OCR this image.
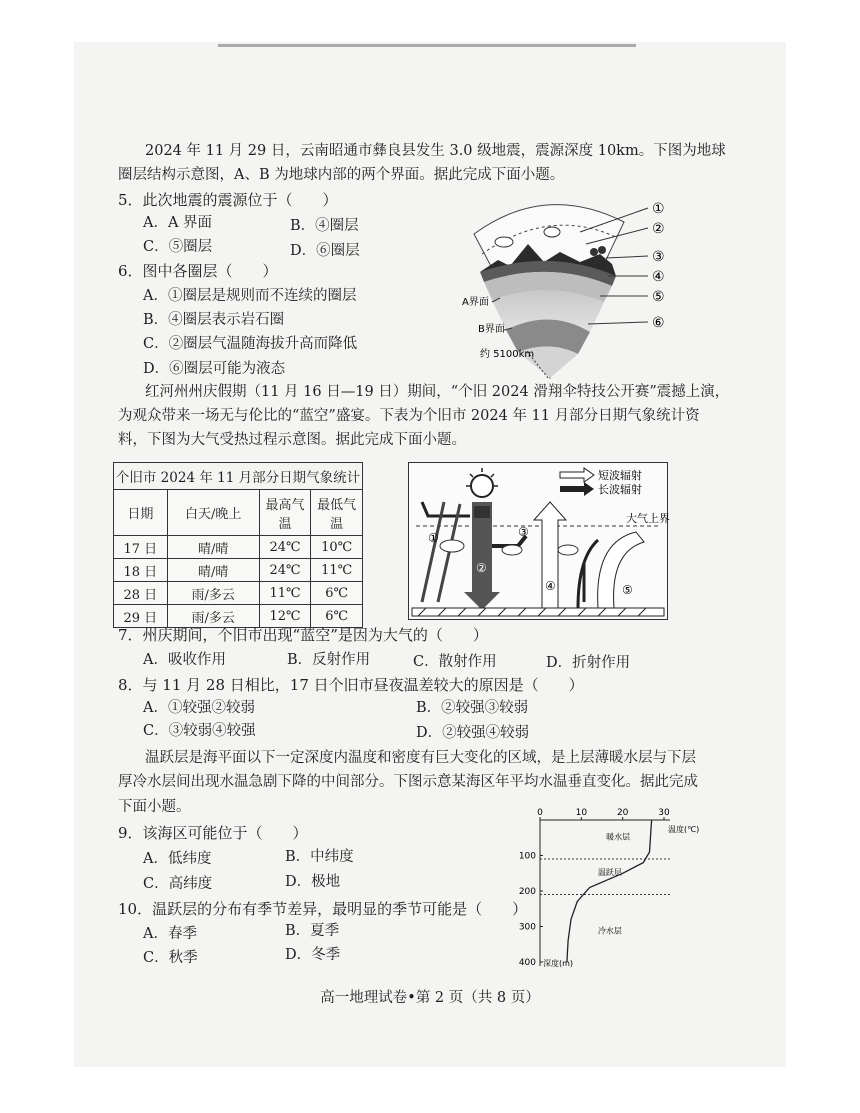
2024 年 11 月 29 日，云南昭通市彝良县发生 3.0 级地震，震源深度 10km。下图为地球
圈层结构示意图，A、B 为地球内部的两个界面。据此完成下面小题。
5．此次地震的震源位于（　　）
A．A 界面	B．④圈层
C．⑤圈层	D．⑥圈层
6．图中各圈层（　　）
A．①圈层是规则而不连续的圈层
B．④圈层表示岩石圈
C．②圈层气温随海拔升高而降低
D．⑥圈层可能为液态
①
②
③
④
⑤
⑥
A界面
B界面
约 5100km
红河州州庆假期（11 月 16 日—19 日）期间，“个旧 2024 滑翔伞特技公开赛”震撼上演，
为观众带来一场无与伦比的“蓝空”盛宴。下表为个旧市 2024 年 11 月部分日期气象统计资
料，下图为大气受热过程示意图。据此完成下面小题。
个旧市 2024 年 11 月部分日期气象统计
日期	白天/晚上	最高气温	最低气温
17 日	晴/晴	24℃	10℃
18 日	晴/晴	24℃	11℃
28 日	雨/多云	11℃	6℃
29 日	雨/多云	12℃	6℃
短波辐射
长波辐射
大气上界
①
②
③
④	⑤
7．州庆期间，个旧市出现“蓝空”是因为大气的（　　）
A．吸收作用	B．反射作用	C．散射作用	D．折射作用
8．与 11 月 28 日相比，17 日个旧市昼夜温差较大的原因是（　　）
A．①较强②较弱	B．②较强③较弱
C．③较弱④较强	D．②较强④较弱
温跃层是海平面以下一定深度内温度和密度有巨大变化的区域，是上层薄暖水层与下层
厚冷水层间出现水温急剧下降的中间部分。下图示意某海区年平均水温垂直变化。据此完成
下面小题。
9．该海区可能位于（　　）
A．低纬度	B．中纬度
C．高纬度	D．极地
10．温跃层的分布有季节差异，最明显的季节可能是（　　）
A．春季	B．夏季
C．秋季	D．冬季
0	10	20	30
100
200
300
400
温度(℃)
深度(m)
暖水层
温跃层
冷水层
高一地理试卷•第 2 页（共 8 页）
